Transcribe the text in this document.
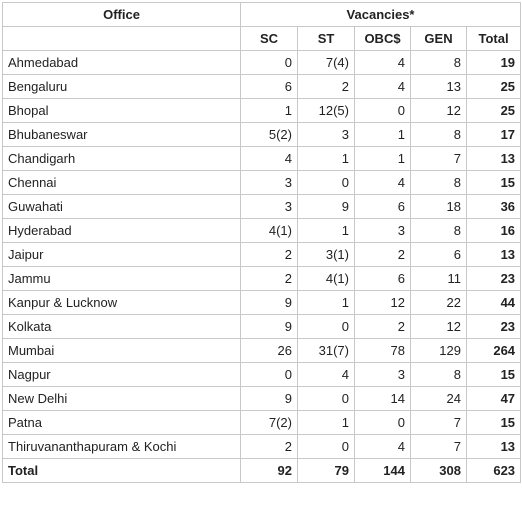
Office	Vacancies*				
	SC	ST	OBC$	GEN	Total
Ahmedabad	0	7(4)	4	8	19
Bengaluru	6	2	4	13	25
Bhopal	1	12(5)	0	12	25
Bhubaneswar	5(2)	3	1	8	17
Chandigarh	4	1	1	7	13
Chennai	3	0	4	8	15
Guwahati	3	9	6	18	36
Hyderabad	4(1)	1	3	8	16
Jaipur	2	3(1)	2	6	13
Jammu	2	4(1)	6	11	23
Kanpur & Lucknow	9	1	12	22	44
Kolkata	9	0	2	12	23
Mumbai	26	31(7)	78	129	264
Nagpur	0	4	3	8	15
New Delhi	9	0	14	24	47
Patna	7(2)	1	0	7	15
Thiruvananthapuram & Kochi	2	0	4	7	13
Total	92	79	144	308	623
